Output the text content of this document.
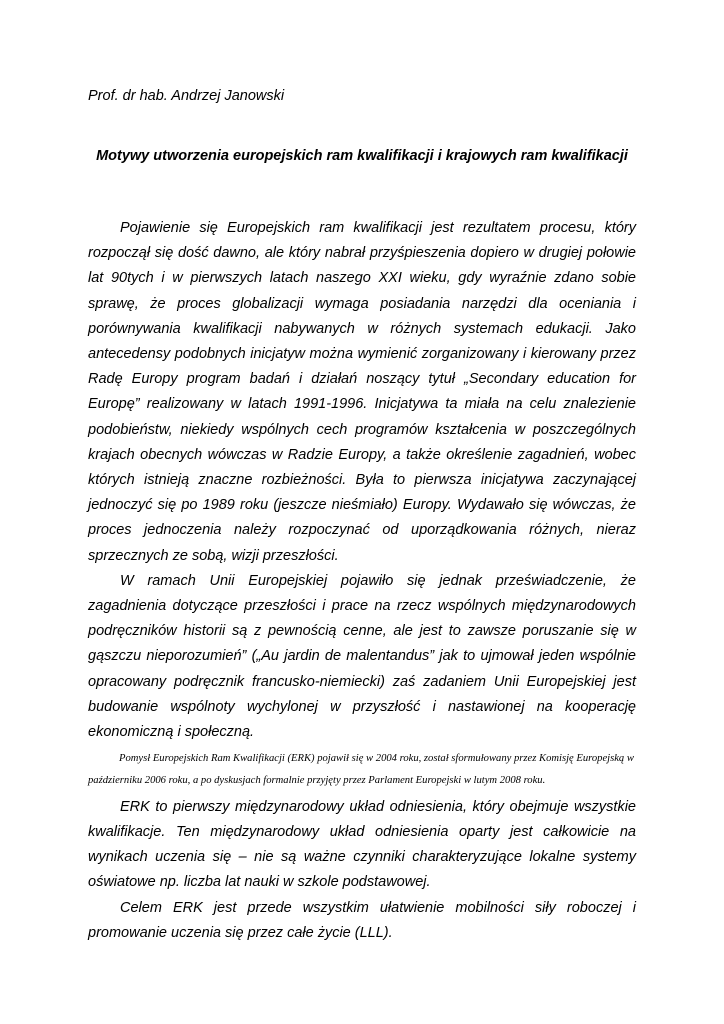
Prof. dr hab. Andrzej Janowski

Motywy utworzenia europejskich ram kwalifikacji i krajowych ram kwalifikacji

Pojawienie się Europejskich ram kwalifikacji jest rezultatem procesu, który rozpoczął się dość dawno, ale który nabrał przyśpieszenia dopiero w drugiej połowie lat 90tych i w pierwszych latach naszego XXI wieku, gdy wyraźnie zdano sobie sprawę, że proces globalizacji wymaga posiadania narzędzi dla oceniania i porównywania kwalifikacji nabywanych w różnych systemach edukacji. Jako antecedensy podobnych inicjatyw można wymienić zorganizowany i kierowany przez Radę Europy program badań i działań noszący tytuł „Secondary education for Europę” realizowany w latach 1991-1996. Inicjatywa ta miała na celu znalezienie podobieństw, niekiedy wspólnych cech programów kształcenia w poszczególnych krajach obecnych wówczas w Radzie Europy, a także określenie zagadnień, wobec których istnieją znaczne rozbieżności. Była to pierwsza inicjatywa zaczynającej jednoczyć się po 1989 roku (jeszcze nieśmiało) Europy. Wydawało się wówczas, że proces jednoczenia należy rozpoczynać od uporządkowania różnych, nieraz sprzecznych ze sobą, wizji przeszłości.

W ramach Unii Europejskiej pojawiło się jednak przeświadczenie, że zagadnienia dotyczące przeszłości i prace na rzecz wspólnych międzynarodowych podręczników historii są z pewnością cenne, ale jest to zawsze poruszanie się w gąszczu nieporozumień” („Au jardin de malentandus” jak to ujmował jeden wspólnie opracowany podręcznik francusko-niemiecki) zaś zadaniem Unii Europejskiej jest budowanie wspólnoty wychylonej w przyszłość i nastawionej na kooperację ekonomiczną i społeczną.

Pomysł Europejskich Ram Kwalifikacji (ERK) pojawił się w 2004 roku, został sformułowany przez Komisję Europejską w październiku 2006 roku, a po dyskusjach formalnie przyjęty przez Parlament Europejski w lutym 2008 roku.

ERK to pierwszy międzynarodowy układ odniesienia, który obejmuje wszystkie kwalifikacje. Ten międzynarodowy układ odniesienia oparty jest całkowicie na wynikach uczenia się – nie są ważne czynniki charakteryzujące lokalne systemy oświatowe np. liczba lat nauki w szkole podstawowej.

Celem ERK jest przede wszystkim ułatwienie mobilności siły roboczej i promowanie uczenia się przez całe życie (LLL).
